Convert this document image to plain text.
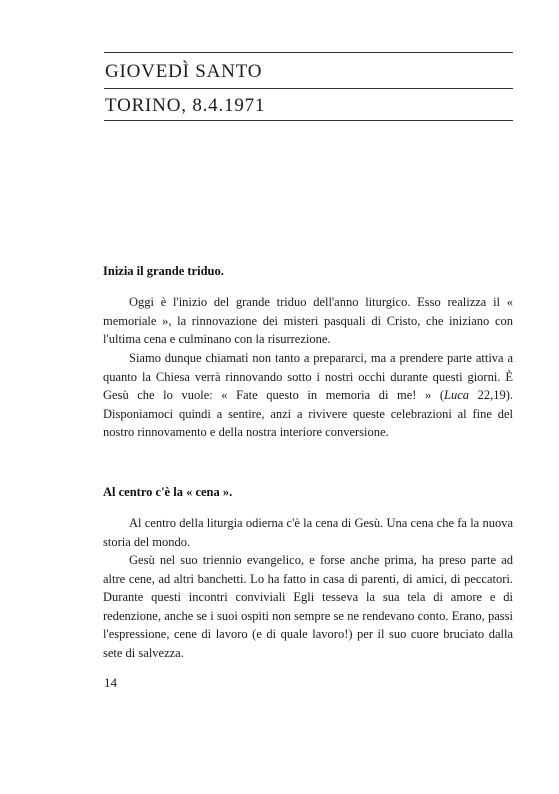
GIOVEDÌ SANTO
TORINO, 8.4.1971
Inizia il grande triduo.

Oggi è l'inizio del grande triduo dell'anno liturgico. Esso realizza il « memoriale », la rinnovazione dei misteri pasquali di Cristo, che iniziano con l'ultima cena e culminano con la risurrezione.

Siamo dunque chiamati non tanto a prepararci, ma a prendere parte attiva a quanto la Chiesa verrà rinnovando sotto i nostri occhi durante questi giorni. È Gesù che lo vuole: « Fate questo in memoria di me! » (Luca 22,19). Disponiamoci quindi a sentire, anzi a rivivere queste celebrazioni al fine del nostro rinnovamento e della nostra interiore conversione.

Al centro c'è la « cena ».

Al centro della liturgia odierna c'è la cena di Gesù. Una cena che fa la nuova storia del mondo.

Gesù nel suo triennio evangelico, e forse anche prima, ha preso parte ad altre cene, ad altri banchetti. Lo ha fatto in casa di parenti, di amici, di peccatori. Durante questi incontri conviviali Egli tesseva la sua tela di amore e di redenzione, anche se i suoi ospiti non sempre se ne rendevano conto. Erano, passi l'espressione, cene di lavoro (e di quale lavoro!) per il suo cuore bruciato dalla sete di salvezza.

14
